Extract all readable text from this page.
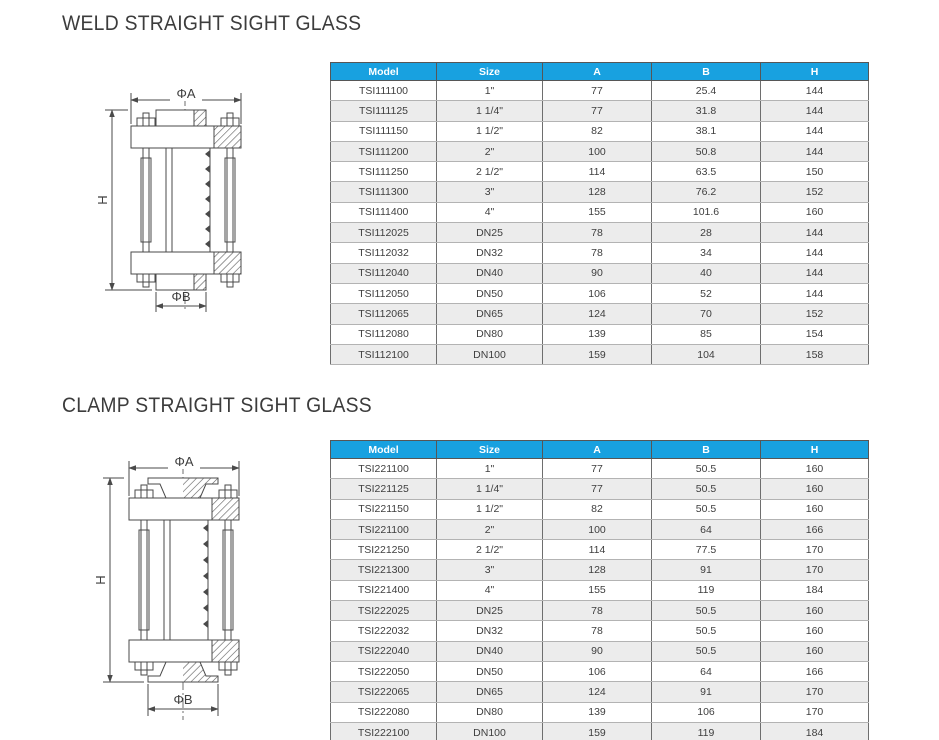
WELD STRAIGHT SIGHT GLASS
ΦA
H
ΦB
Model	Size	A	B	H
TSI111100	1"	77	25.4	144
TSI111125	1 1/4"	77	31.8	144
TSI111150	1 1/2"	82	38.1	144
TSI111200	2"	100	50.8	144
TSI111250	2 1/2"	114	63.5	150
TSI111300	3"	128	76.2	152
TSI111400	4"	155	101.6	160
TSI112025	DN25	78	28	144
TSI112032	DN32	78	34	144
TSI112040	DN40	90	40	144
TSI112050	DN50	106	52	144
TSI112065	DN65	124	70	152
TSI112080	DN80	139	85	154
TSI112100	DN100	159	104	158
CLAMP STRAIGHT SIGHT GLASS
ΦA
H
ΦB
Model	Size	A	B	H
TSI221100	1"	77	50.5	160
TSI221125	1 1/4"	77	50.5	160
TSI221150	1 1/2"	82	50.5	160
TSI221100	2"	100	64	166
TSI221250	2 1/2"	114	77.5	170
TSI221300	3"	128	91	170
TSI221400	4"	155	119	184
TSI222025	DN25	78	50.5	160
TSI222032	DN32	78	50.5	160
TSI222040	DN40	90	50.5	160
TSI222050	DN50	106	64	166
TSI222065	DN65	124	91	170
TSI222080	DN80	139	106	170
TSI222100	DN100	159	119	184
